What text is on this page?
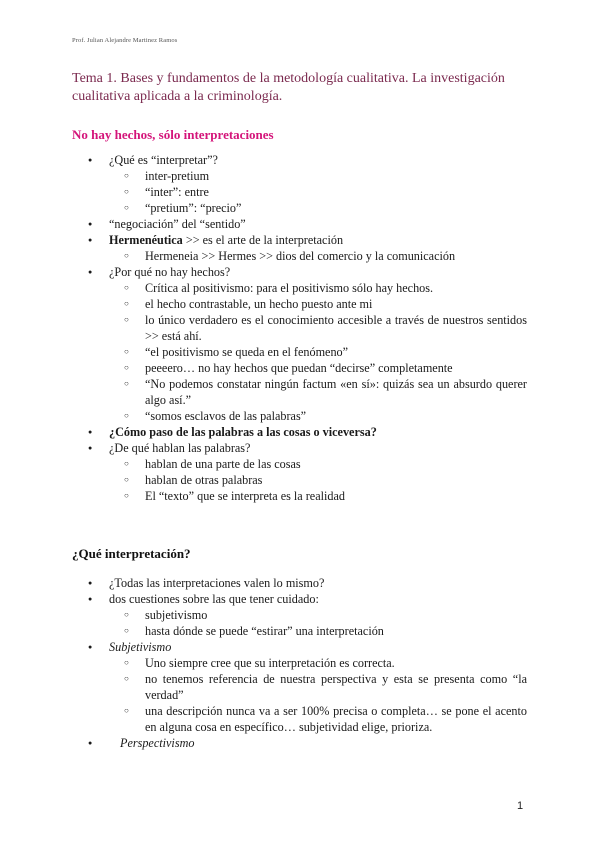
Prof. Julian Alejandre Martinez Ramos
Tema 1. Bases y fundamentos de la metodología cualitativa. La investigación cualitativa aplicada a la criminología.
No hay hechos, sólo interpretaciones
● ¿Qué es “interpretar”?
○ inter-pretium
○ “inter”: entre
○ “pretium”: “precio”
● “negociación” del “sentido”
● Hermenéutica >> es el arte de la interpretación
○ Hermeneia >> Hermes >> dios del comercio y la comunicación
● ¿Por qué no hay hechos?
○ Crítica al positivismo: para el positivismo sólo hay hechos.
○ el hecho contrastable, un hecho puesto ante mi
○ lo único verdadero es el conocimiento accesible a través de nuestros sentidos >> está ahí.
○ “el positivismo se queda en el fenómeno”
○ peeeero… no hay hechos que puedan “decirse” completamente
○ “No podemos constatar ningún factum «en sí»: quizás sea un absurdo querer algo así.”
○ “somos esclavos de las palabras”
● ¿Cómo paso de las palabras a las cosas o viceversa?
● ¿De qué hablan las palabras?
○ hablan de una parte de las cosas
○ hablan de otras palabras
○ El “texto” que se interpreta es la realidad
¿Qué interpretación?
● ¿Todas las interpretaciones valen lo mismo?
● dos cuestiones sobre las que tener cuidado:
○ subjetivismo
○ hasta dónde se puede “estirar” una interpretación
● Subjetivismo
○ Uno siempre cree que su interpretación es correcta.
○ no tenemos referencia de nuestra perspectiva y esta se presenta como “la verdad”
○ una descripción nunca va a ser 100% precisa o completa… se pone el acento en alguna cosa en específico… subjetividad elige, prioriza.
● Perspectivismo
1
